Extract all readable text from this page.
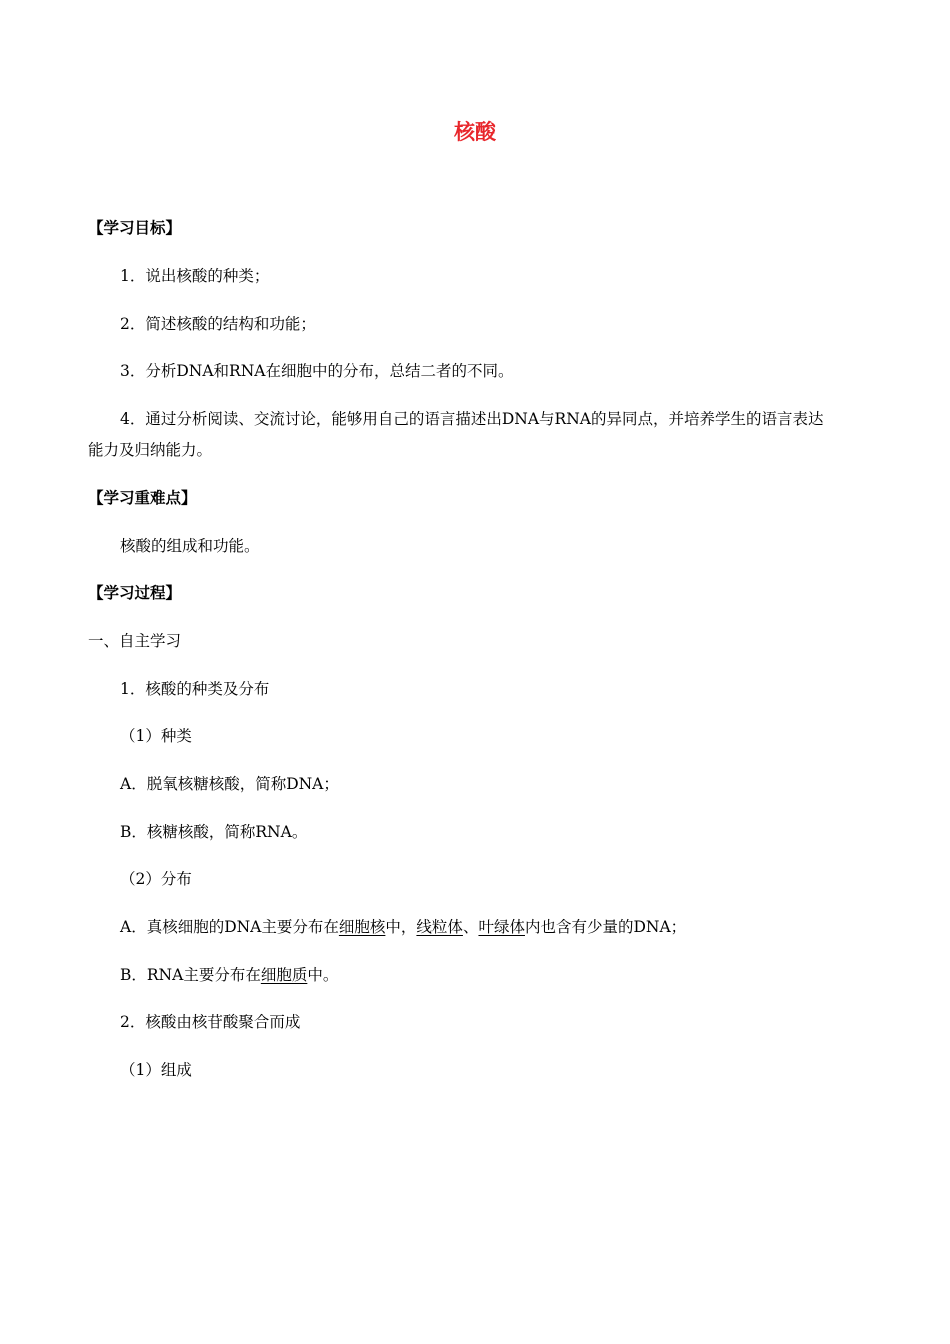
核酸
【学习目标】
1．说出核酸的种类；
2．简述核酸的结构和功能；
3．分析DNA和RNA在细胞中的分布，总结二者的不同。
4．通过分析阅读、交流讨论，能够用自己的语言描述出DNA与RNA的异同点，并培养学生的语言表达
能力及归纳能力。
【学习重难点】
核酸的组成和功能。
【学习过程】
一、自主学习
1．核酸的种类及分布
（1）种类
A．脱氧核糖核酸，简称DNA；
B．核糖核酸，简称RNA。
（2）分布
A．真核细胞的DNA主要分布在细胞核中，线粒体、叶绿体内也含有少量的DNA；
B．RNA主要分布在细胞质中。
2．核酸由核苷酸聚合而成
（1）组成
